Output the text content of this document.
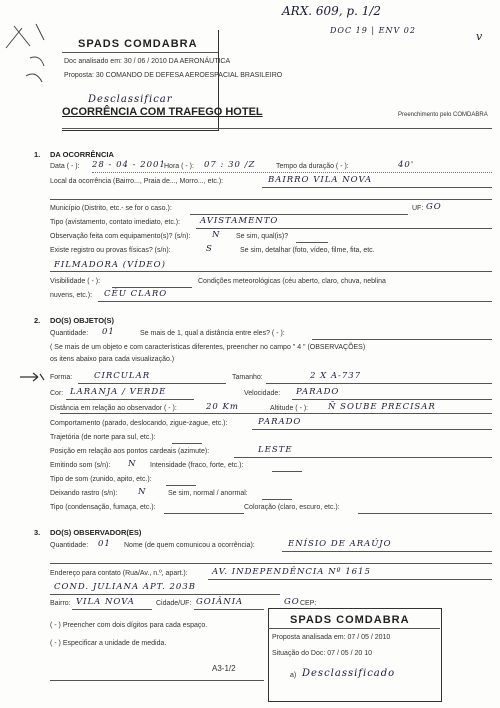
ARX. 609, p. 1/2
DOC 19 | ENV 02	v
SPADS COMDABRA
Doc analisado em: 30 / 06 / 2010 DA AERONÁUTICA
Proposta: 30 COMANDO DE DEFESA AEROESPACIAL BRASILEIRO
Desclassificar
OCORRÊNCIA COM TRAFEGO HOTEL	Preenchimento pelo COMDABRA
1. DA OCORRÊNCIA
Data ( - ): 28 - 04 - 2001
Hora ( - ): 07 : 30 /Z	Tempo da duração ( - ):	40'
Local da ocorrência (Bairro..., Praia de..., Morro..., etc.):	BAIRRO VILA NOVA
Município (Distrito, etc.- se for o caso.):	UF: GO
Tipo (avistamento, contato imediato, etc.): AVISTAMENTO
Observação feita com equipamento(s)? (s/n):	N Se sim, qual(is)?
Existe registro ou provas físicas? (s/n):	S	Se sim, detalhar (foto, vídeo, filme, fita, etc.
FILMADORA (VÍDEO)
Visibilidade ( - ):	Condições meteorológicas (céu aberto, claro, chuva, neblina
nuvens, etc.): CÉU CLARO
2. DO(S) OBJETO(S)
Quantidade: 01	Se mais de 1, qual a distância entre eles? ( - ):
( Se mais de um objeto e com características diferentes, preencher no campo " 4 " (OBSERVAÇÕES)
os itens abaixo para cada visualização.)
Forma:	CIRCULAR	Tamanho:	2 X A-737
Cor: LARANJA / VERDE	Velocidade: PARADO
Distância em relação ao observador ( - ):	20 Km	Altitude ( - ): Ñ SOUBE PRECISAR
Comportamento (parado, deslocando, zigue-zague, etc.):	PARADO
Trajetória (de norte para sul, etc.):
Posição em relação aos pontos cardeais (azimute):	LESTE
Emitindo som (s/n): N Intensidade (fraco, forte, etc.):
Tipo de som (zunido, apito, etc.):
Deixando rastro (s/n): N	Se sim, normal / anormal:
Tipo (condensação, fumaça, etc.):	Coloração (claro, escuro, etc.):
3. DO(S) OBSERVADOR(ES)
Quantidade: 01 Nome (de quem comunicou a ocorrência):	ENÍSIO DE ARAÚJO
Endereço para contato (Rua/Av., n.º, apart.):	AV. INDEPENDÊNCIA Nº 1615
COND. JULIANA APT. 203B
Bairro: VILA NOVA	Cidade/UF: GOIÂNIA	GO CEP:
SPADS COMDABRA
Proposta analisada em: 07 / 05 / 2010
Situação do Doc: 07 / 05 / 20 10
a) Desclassificado
( - ) Preencher com dois dígitos para cada espaço.
( - ) Especificar a unidade de medida.
A3-1/2
